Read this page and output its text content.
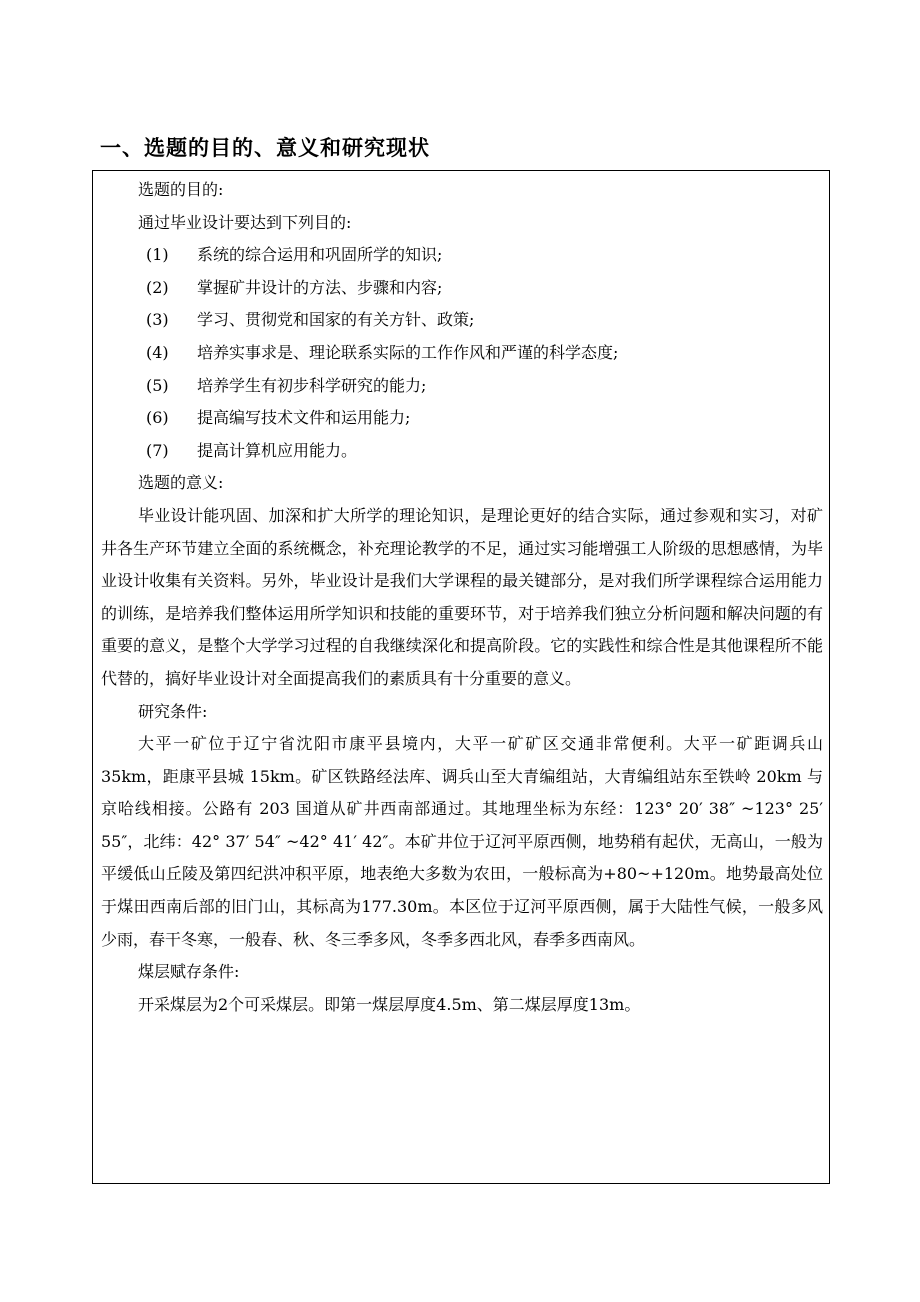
一、选题的目的、意义和研究现状

选题的目的:

通过毕业设计要达到下列目的:

(1) 系统的综合运用和巩固所学的知识;

(2) 掌握矿井设计的方法、步骤和内容;

(3) 学习、贯彻党和国家的有关方针、政策;

(4) 培养实事求是、理论联系实际的工作作风和严谨的科学态度;

(5) 培养学生有初步科学研究的能力;

(6) 提高编写技术文件和运用能力;

(7) 提高计算机应用能力。

选题的意义:

毕业设计能巩固、加深和扩大所学的理论知识，是理论更好的结合实际，通过参观和实习，对矿井各生产环节建立全面的系统概念，补充理论教学的不足，通过实习能增强工人阶级的思想感情，为毕业设计收集有关资料。另外，毕业设计是我们大学课程的最关键部分，是对我们所学课程综合运用能力的训练，是培养我们整体运用所学知识和技能的重要环节，对于培养我们独立分析问题和解决问题的有重要的意义，是整个大学学习过程的自我继续深化和提高阶段。它的实践性和综合性是其他课程所不能代替的，搞好毕业设计对全面提高我们的素质具有十分重要的意义。

研究条件:

大平一矿位于辽宁省沈阳市康平县境内，大平一矿矿区交通非常便利。大平一矿距调兵山 35km，距康平县城 15km。矿区铁路经法库、调兵山至大青编组站，大青编组站东至铁岭 20km 与京哈线相接。公路有 203 国道从矿井西南部通过。其地理坐标为东经：123° 20′ 38″ ~123° 25′ 55″，北纬：42° 37′ 54″ ~42° 41′ 42″。本矿井位于辽河平原西侧，地势稍有起伏，无高山，一般为平缓低山丘陵及第四纪洪冲积平原，地表绝大多数为农田，一般标高为+80~+120m。地势最高处位于煤田西南后部的旧门山，其标高为177.30m。本区位于辽河平原西侧，属于大陆性气候，一般多风少雨，春干冬寒，一般春、秋、冬三季多风，冬季多西北风，春季多西南风。

煤层赋存条件:

开采煤层为2个可采煤层。即第一煤层厚度4.5m、第二煤层厚度13m。
